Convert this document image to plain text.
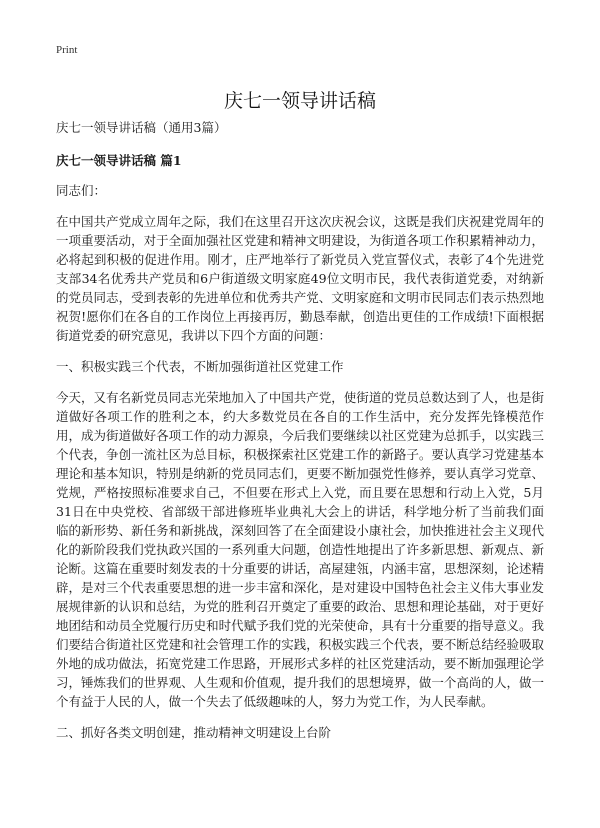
Print
庆七一领导讲话稿

庆七一领导讲话稿（通用3篇）

庆七一领导讲话稿 篇1

同志们：

在中国共产党成立周年之际，我们在这里召开这次庆祝会议，这既是我们庆祝建党周年的一项重要活动，对于全面加强社区党建和精神文明建设，为街道各项工作积累精神动力，必将起到积极的促进作用。刚才，庄严地举行了新党员入党宣誓仪式，表彰了4个先进党支部34名优秀共产党员和6户街道级文明家庭49位文明市民，我代表街道党委，对纳新的党员同志，受到表彰的先进单位和优秀共产党、文明家庭和文明市民同志们表示热烈地祝贺!愿你们在各自的工作岗位上再接再厉，勤恳奉献，创造出更佳的工作成绩!下面根据街道党委的研究意见，我讲以下四个方面的问题：

一、积极实践三个代表，不断加强街道社区党建工作

今天，又有名新党员同志光荣地加入了中国共产党，使街道的党员总数达到了人，也是街道做好各项工作的胜利之本，约大多数党员在各自的工作生活中，充分发挥先锋模范作用，成为街道做好各项工作的动力源泉，今后我们要继续以社区党建为总抓手，以实践三个代表，争创一流社区为总目标，积极探索社区党建工作的新路子。要认真学习党建基本理论和基本知识，特别是纳新的党员同志们，更要不断加强党性修养，要认真学习党章、党规，严格按照标准要求自己，不但要在形式上入党，而且要在思想和行动上入党，5月31日在中央党校、省部级干部进修班毕业典礼大会上的讲话，科学地分析了当前我们面临的新形势、新任务和新挑战，深刻回答了在全面建设小康社会，加快推进社会主义现代化的新阶段我们党执政兴国的一系列重大问题，创造性地提出了许多新思想、新观点、新论断。这篇在重要时刻发表的十分重要的讲话，高屋建瓴，内涵丰富，思想深刻，论述精辟，是对三个代表重要思想的进一步丰富和深化，是对建设中国特色社会主义伟大事业发展规律新的认识和总结，为党的胜利召开奠定了重要的政治、思想和理论基础，对于更好地团结和动员全党履行历史和时代赋予我们党的光荣使命，具有十分重要的指导意义。我们要结合街道社区党建和社会管理工作的实践，积极实践三个代表，要不断总结经验吸取外地的成功做法，拓宽党建工作思路，开展形式多样的社区党建活动，要不断加强理论学习，锤炼我们的世界观、人生观和价值观，提升我们的思想境界，做一个高尚的人，做一个有益于人民的人，做一个失去了低级趣味的人，努力为党工作，为人民奉献。

二、抓好各类文明创建，推动精神文明建设上台阶
